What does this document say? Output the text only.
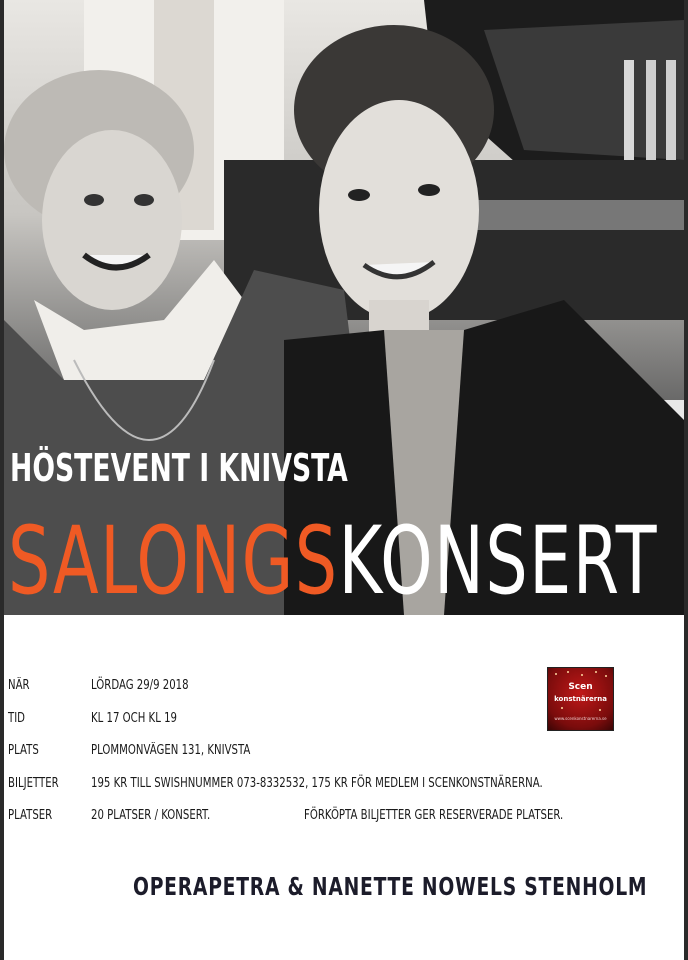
HÖSTEVENT I KNIVSTA
SALONGSKONSERT
NÄR	LÖRDAG 29/9 2018
TID	KL 17 OCH KL 19
PLATS	PLOMMONVÄGEN 131, KNIVSTA
BILJETTER 195 KR TILL SWISHNUMMER 073-8332532, 175 KR FÖR MEDLEM I SCENKONSTNÄRERNA.
PLATSER	20 PLATSER / KONSERT.	FÖRKÖPTA BILJETTER GER RESERVERADE PLATSER.
Scen
konstnärerna
www.scenkonstnarerna.se
OPERAPETRA & NANETTE NOWELS STENHOLM
